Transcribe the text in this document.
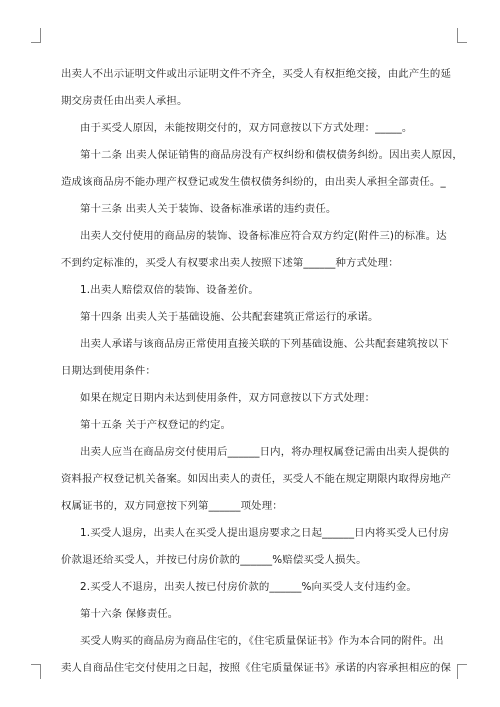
出卖人不出示证明文件或出示证明文件不齐全，买受人有权拒绝交接，由此产生的延
期交房责任由出卖人承担。
由于买受人原因，未能按期交付的，双方同意按以下方式处理：_____。
第十二条 出卖人保证销售的商品房没有产权纠纷和债权债务纠纷。因出卖人原因，
造成该商品房不能办理产权登记或发生债权债务纠纷的，由出卖人承担全部责任。_
第十三条 出卖人关于装饰、设备标准承诺的违约责任。
出卖人交付使用的商品房的装饰、设备标准应符合双方约定(附件三)的标准。达
不到约定标准的，买受人有权要求出卖人按照下述第______种方式处理：
1.出卖人赔偿双倍的装饰、设备差价。
第十四条 出卖人关于基础设施、公共配套建筑正常运行的承诺。
出卖人承诺与该商品房正常使用直接关联的下列基础设施、公共配套建筑按以下
日期达到使用条件：
如果在规定日期内未达到使用条件，双方同意按以下方式处理：
第十五条 关于产权登记的约定。
出卖人应当在商品房交付使用后______日内，将办理权属登记需由出卖人提供的
资料报产权登记机关备案。如因出卖人的责任，买受人不能在规定期限内取得房地产
权属证书的，双方同意按下列第______项处理：
1.买受人退房，出卖人在买受人提出退房要求之日起______日内将买受人已付房
价款退还给买受人，并按已付房价款的______%赔偿买受人损失。
2.买受人不退房，出卖人按已付房价款的______%向买受人支付违约金。
第十六条 保修责任。
买受人购买的商品房为商品住宅的，《住宅质量保证书》作为本合同的附件。出
卖人自商品住宅交付使用之日起，按照《住宅质量保证书》承诺的内容承担相应的保
